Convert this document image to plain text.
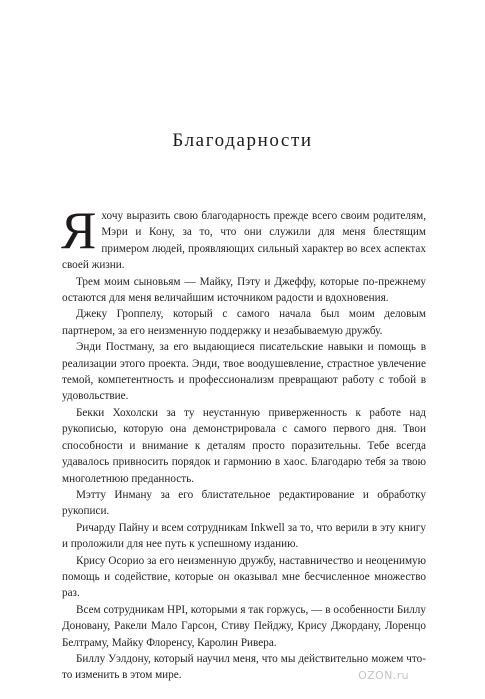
Благодарности

Я хочу выразить свою благодарность прежде всего своим родителям, Мэри и Кону, за то, что они служили для меня блестящим примером людей, проявляющих сильный характер во всех аспектах своей жизни.

Трем моим сыновьям — Майку, Пэту и Джеффу, которые по-прежнему остаются для меня величайшим источником радости и вдохновения.

Джеку Гроппелу, который с самого начала был моим деловым партнером, за его неизменную поддержку и незабываемую дружбу.

Энди Постману, за его выдающиеся писательские навыки и помощь в реализации этого проекта. Энди, твое воодушевление, страстное увлечение темой, компетентность и профессионализм превращают работу с тобой в удовольствие.

Бекки Хохолски за ту неустанную приверженность к работе над рукописью, которую она демонстрировала с самого первого дня. Твои способности и внимание к деталям просто поразительны. Тебе всегда удавалось привносить порядок и гармонию в хаос. Благодарю тебя за твою многолетнюю преданность.

Мэтту Инману за его блистательное редактирование и обработку рукописи.

Ричарду Пайну и всем сотрудникам Inkwell за то, что верили в эту книгу и проложили для нее путь к успешному изданию.

Крису Осорио за его неизменную дружбу, наставничество и неоценимую помощь и содействие, которые он оказывал мне бесчисленное множество раз.

Всем сотрудникам HPI, которыми я так горжусь, — в особенности Биллу Доновану, Ракели Мало Гарсон, Стиву Пейджу, Крису Джордану, Лоренцо Белтраму, Майку Флоренсу, Каролин Ривера.

Биллу Уэлдону, который научил меня, что мы действительно можем что-то изменить в этом мире.	OZON.ru
